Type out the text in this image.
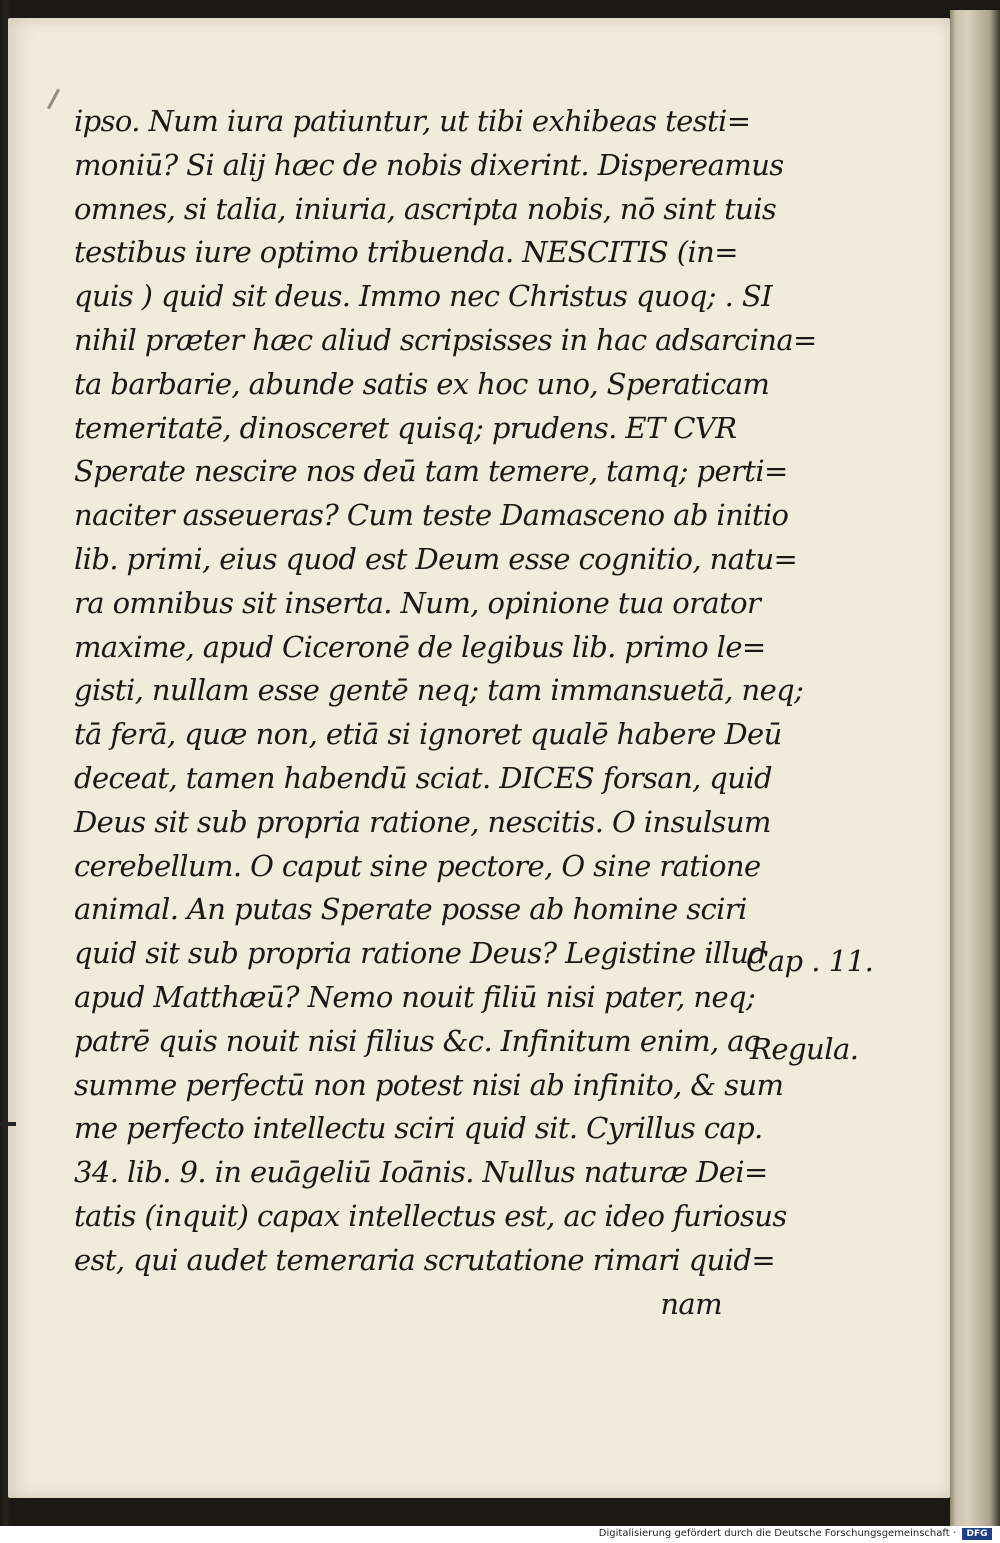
ipso. Num iura patiuntur, ut tibi exhibeas testi=
moniū? Si alij hæc de nobis dixerint. Dispereamus
omnes, si talia, iniuria, ascripta nobis, nō sint tuis
testibus iure optimo tribuenda. NESCITIS (in=
quis ) quid sit deus. Immo nec Christus quoq; . SI
nihil præter hæc aliud scripsisses in hac adsarcina=
ta barbarie, abunde satis ex hoc uno, Speraticam
temeritatē, dinosceret quisq; prudens. ET CVR
Sperate nescire nos deū tam temere, tamq; perti=
naciter asseueras? Cum teste Damasceno ab initio
lib. primi, eius quod est Deum esse cognitio, natu=
ra omnibus sit inserta. Num, opinione tua orator
maxime, apud Ciceronē de legibus lib. primo le=
gisti, nullam esse gentē neq; tam immansuetā, neq;
tā ferā, quæ non, etiā si ignoret qualē habere Deū
deceat, tamen habendū sciat. DICES forsan, quid
Deus sit sub propria ratione, nescitis. O insulsum
cerebellum. O caput sine pectore, O sine ratione
animal. An putas Sperate posse ab homine sciri
quid sit sub propria ratione Deus? Legistine illud
apud Matthæū? Nemo nouit filiū nisi pater, neq;
patrē quis nouit nisi filius &c. Infinitum enim, ac
summe perfectū non potest nisi ab infinito, & sum
me perfecto intellectu sciri quid sit. Cyrillus cap.
34. lib. 9. in euāgeliū Ioānis. Nullus naturæ Dei=
tatis (inquit) capax intellectus est, ac ideo furiosus
est, qui audet temeraria scrutatione rimari quid=
nam
Cap . 11.
Regula.
Digitalisierung gefördert durch die Deutsche Forschungsgemeinschaft ·	DFG
